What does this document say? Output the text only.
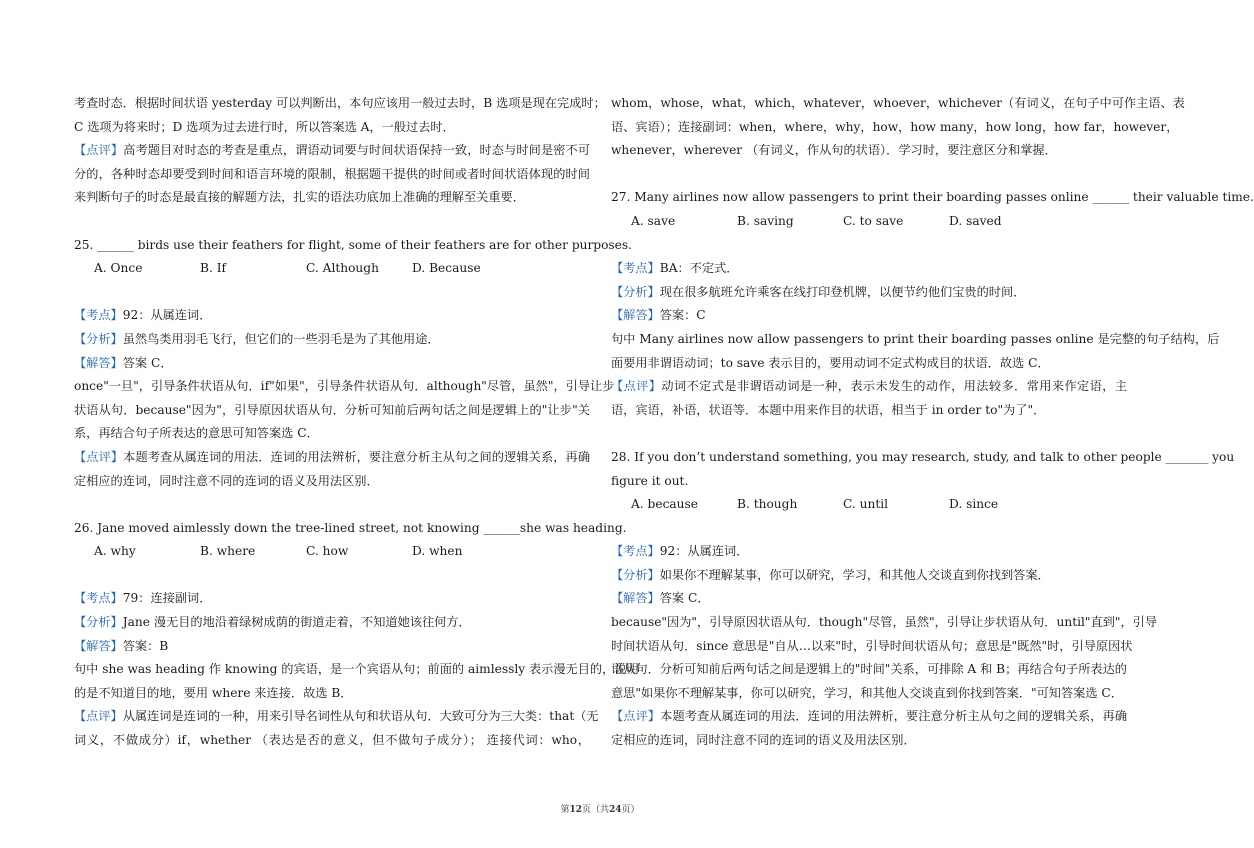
考查时态．根据时间状语 yesterday 可以判断出，本句应该用一般过去时，B 选项是现在完成时；

C 选项为将来时；D 选项为过去进行时，所以答案选 A，一般过去时．

【点评】高考题目对时态的考查是重点，谓语动词要与时间状语保持一致，时态与时间是密不可

分的，各种时态却要受到时间和语言环境的限制，根据题干提供的时间或者时间状语体现的时间

来判断句子的时态是最直接的解题方法，扎实的语法功底加上准确的理解至关重要．

25. ______ birds use their feathers for flight, some of their feathers are for other purposes.

A. Once	B. If	C. Although	D. Because

【考点】92：从属连词．

【分析】虽然鸟类用羽毛飞行，但它们的一些羽毛是为了其他用途．

【解答】答案 C．

once"一旦"，引导条件状语从句．if"如果"，引导条件状语从句．although"尽管，虽然"，引导让步

状语从句．because"因为"，引导原因状语从句．分析可知前后两句话之间是逻辑上的"让步"关

系，再结合句子所表达的意思可知答案选 C．

【点评】本题考查从属连词的用法．连词的用法辨析，要注意分析主从句之间的逻辑关系，再确

定相应的连词，同时注意不同的连词的语义及用法区别．

26. Jane moved aimlessly down the tree-lined street, not knowing ______she was heading.

A. why	B. where	C. how	D. when

【考点】79：连接副词．

【分析】Jane 漫无目的地沿着绿树成荫的街道走着，不知道她该往何方．

【解答】答案：B

句中 she was heading 作 knowing 的宾语，是一个宾语从句；前面的 aimlessly 表示漫无目的，说明

的是不知道目的地，要用 where 来连接．故选 B．

【点评】从属连词是连词的一种，用来引导名词性从句和状语从句．大致可分为三大类：that（无

词义，不做成分）if，whether （表达是否的意义，但不做句子成分）； 连接代词：who，

whom，whose，what，which，whatever，whoever，whichever（有词义，在句子中可作主语、表

语、宾语）；连接副词：when，where，why，how，how many，how long，how far，however，

whenever，wherever （有词义，作从句的状语）．学习时，要注意区分和掌握．

27. Many airlines now allow passengers to print their boarding passes online ______ their valuable time.

A. save	B. saving	C. to save	D. saved

【考点】BA：不定式．

【分析】现在很多航班允许乘客在线打印登机牌，以便节约他们宝贵的时间．

【解答】答案：C

句中 Many airlines now allow passengers to print their boarding passes online 是完整的句子结构，后

面要用非谓语动词；to save 表示目的，要用动词不定式构成目的状语．故选 C．

【点评】动词不定式是非谓语动词是一种，表示未发生的动作，用法较多．常用来作定语，主

语，宾语，补语，状语等．本题中用来作目的状语，相当于 in order to"为了"．

28. If you don’t understand something, you may research, study, and talk to other people _______ you

figure it out.

A. because	B. though	C. until	D. since

【考点】92：从属连词．

【分析】如果你不理解某事，你可以研究，学习，和其他人交谈直到你找到答案．

【解答】答案 C．

because"因为"，引导原因状语从句．though"尽管，虽然"，引导让步状语从句．until"直到"，引导

时间状语从句．since 意思是"自从…以来"时，引导时间状语从句；意思是"既然"时，引导原因状

语从句．分析可知前后两句话之间是逻辑上的"时间"关系，可排除 A 和 B；再结合句子所表达的

意思"如果你不理解某事，你可以研究，学习，和其他人交谈直到你找到答案．"可知答案选 C．

【点评】本题考查从属连词的用法．连词的用法辨析，要注意分析主从句之间的逻辑关系，再确

定相应的连词，同时注意不同的连词的语义及用法区别．

第12页（共24页）
